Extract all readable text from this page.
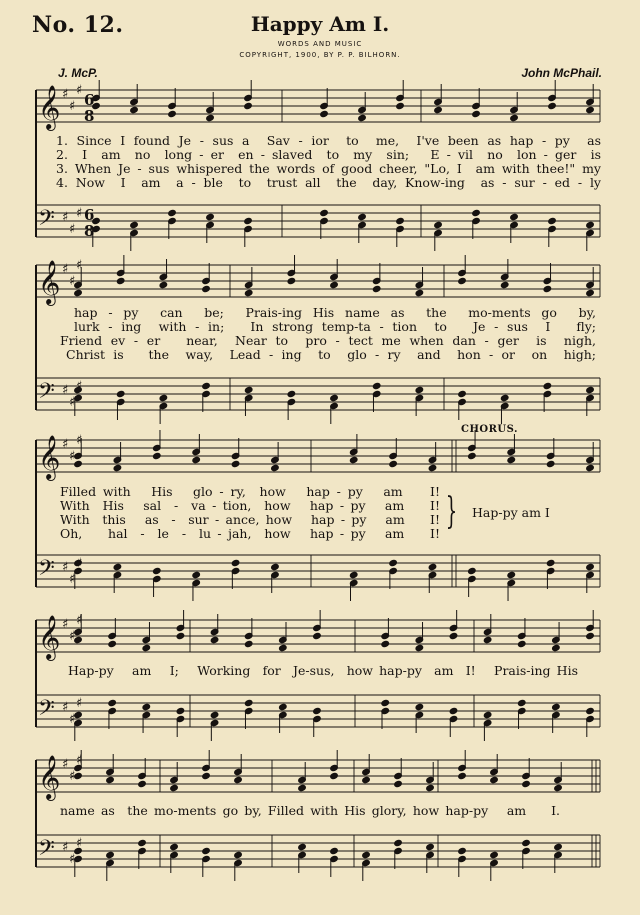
No. 12.	Happy Am I.
WORDS AND MUSIC
COPYRIGHT, 1900, BY P. P. BILHORN.
J. McP.	John McPhail.
𝄞 ♯
♯
♯
6
8
𝄢 ♯
♯
♯ 6
8
𝄞 ♯
♯
♯
𝄢 ♯
♯
♯
𝄞 ♯
♯
♯
𝄢 ♯
♯
♯
𝄞 ♯
♯
♯
𝄢 ♯
♯
♯
𝄞 ♯
♯
♯
𝄢 ♯
♯
♯
1. Since I found Je - sus a  Sav - ior  to  me,  I've been as hap - py  as
2.  I  am  no  long - er  en - slaved  to  my  sin;   E - vil  no  lon - ger  is
3. When Je - sus whispered the words of good cheer, "Lo, I  am with thee!" my
4. Now  I  am  a - ble  to  trust all  the  day, Know-ing  as - sur - ed - ly
hap - py  can  be;  Prais-ing His name as  the  mo-ments go  by,
lurk - ing  with - in;   In strong temp-ta - tion  to   Je - sus  I   fly;
Friend ev - er   near,  Near to  pro - tect me when dan - ger  is  nigh,
Christ is   the  way,  Lead - ing  to  glo - ry  and  hon - or  on  high;
CHORUS.
Filled with   His   glo - ry,  how   hap - py   am    I!
With  His   sal  -  va - tion,  how   hap - py   am    I!
With  this   as  -  sur - ance, how   hap - py   am    I!
Oh,    hal  -  le  -  lu - jah,  how   hap - py   am    I!
} Hap-py am I
Hap-py   am   I;   Working  for  Je-sus,  how hap-py  am  I!   Prais-ing His
name as  the mo-ments go by, Filled with His glory, how hap-py   am    I.
